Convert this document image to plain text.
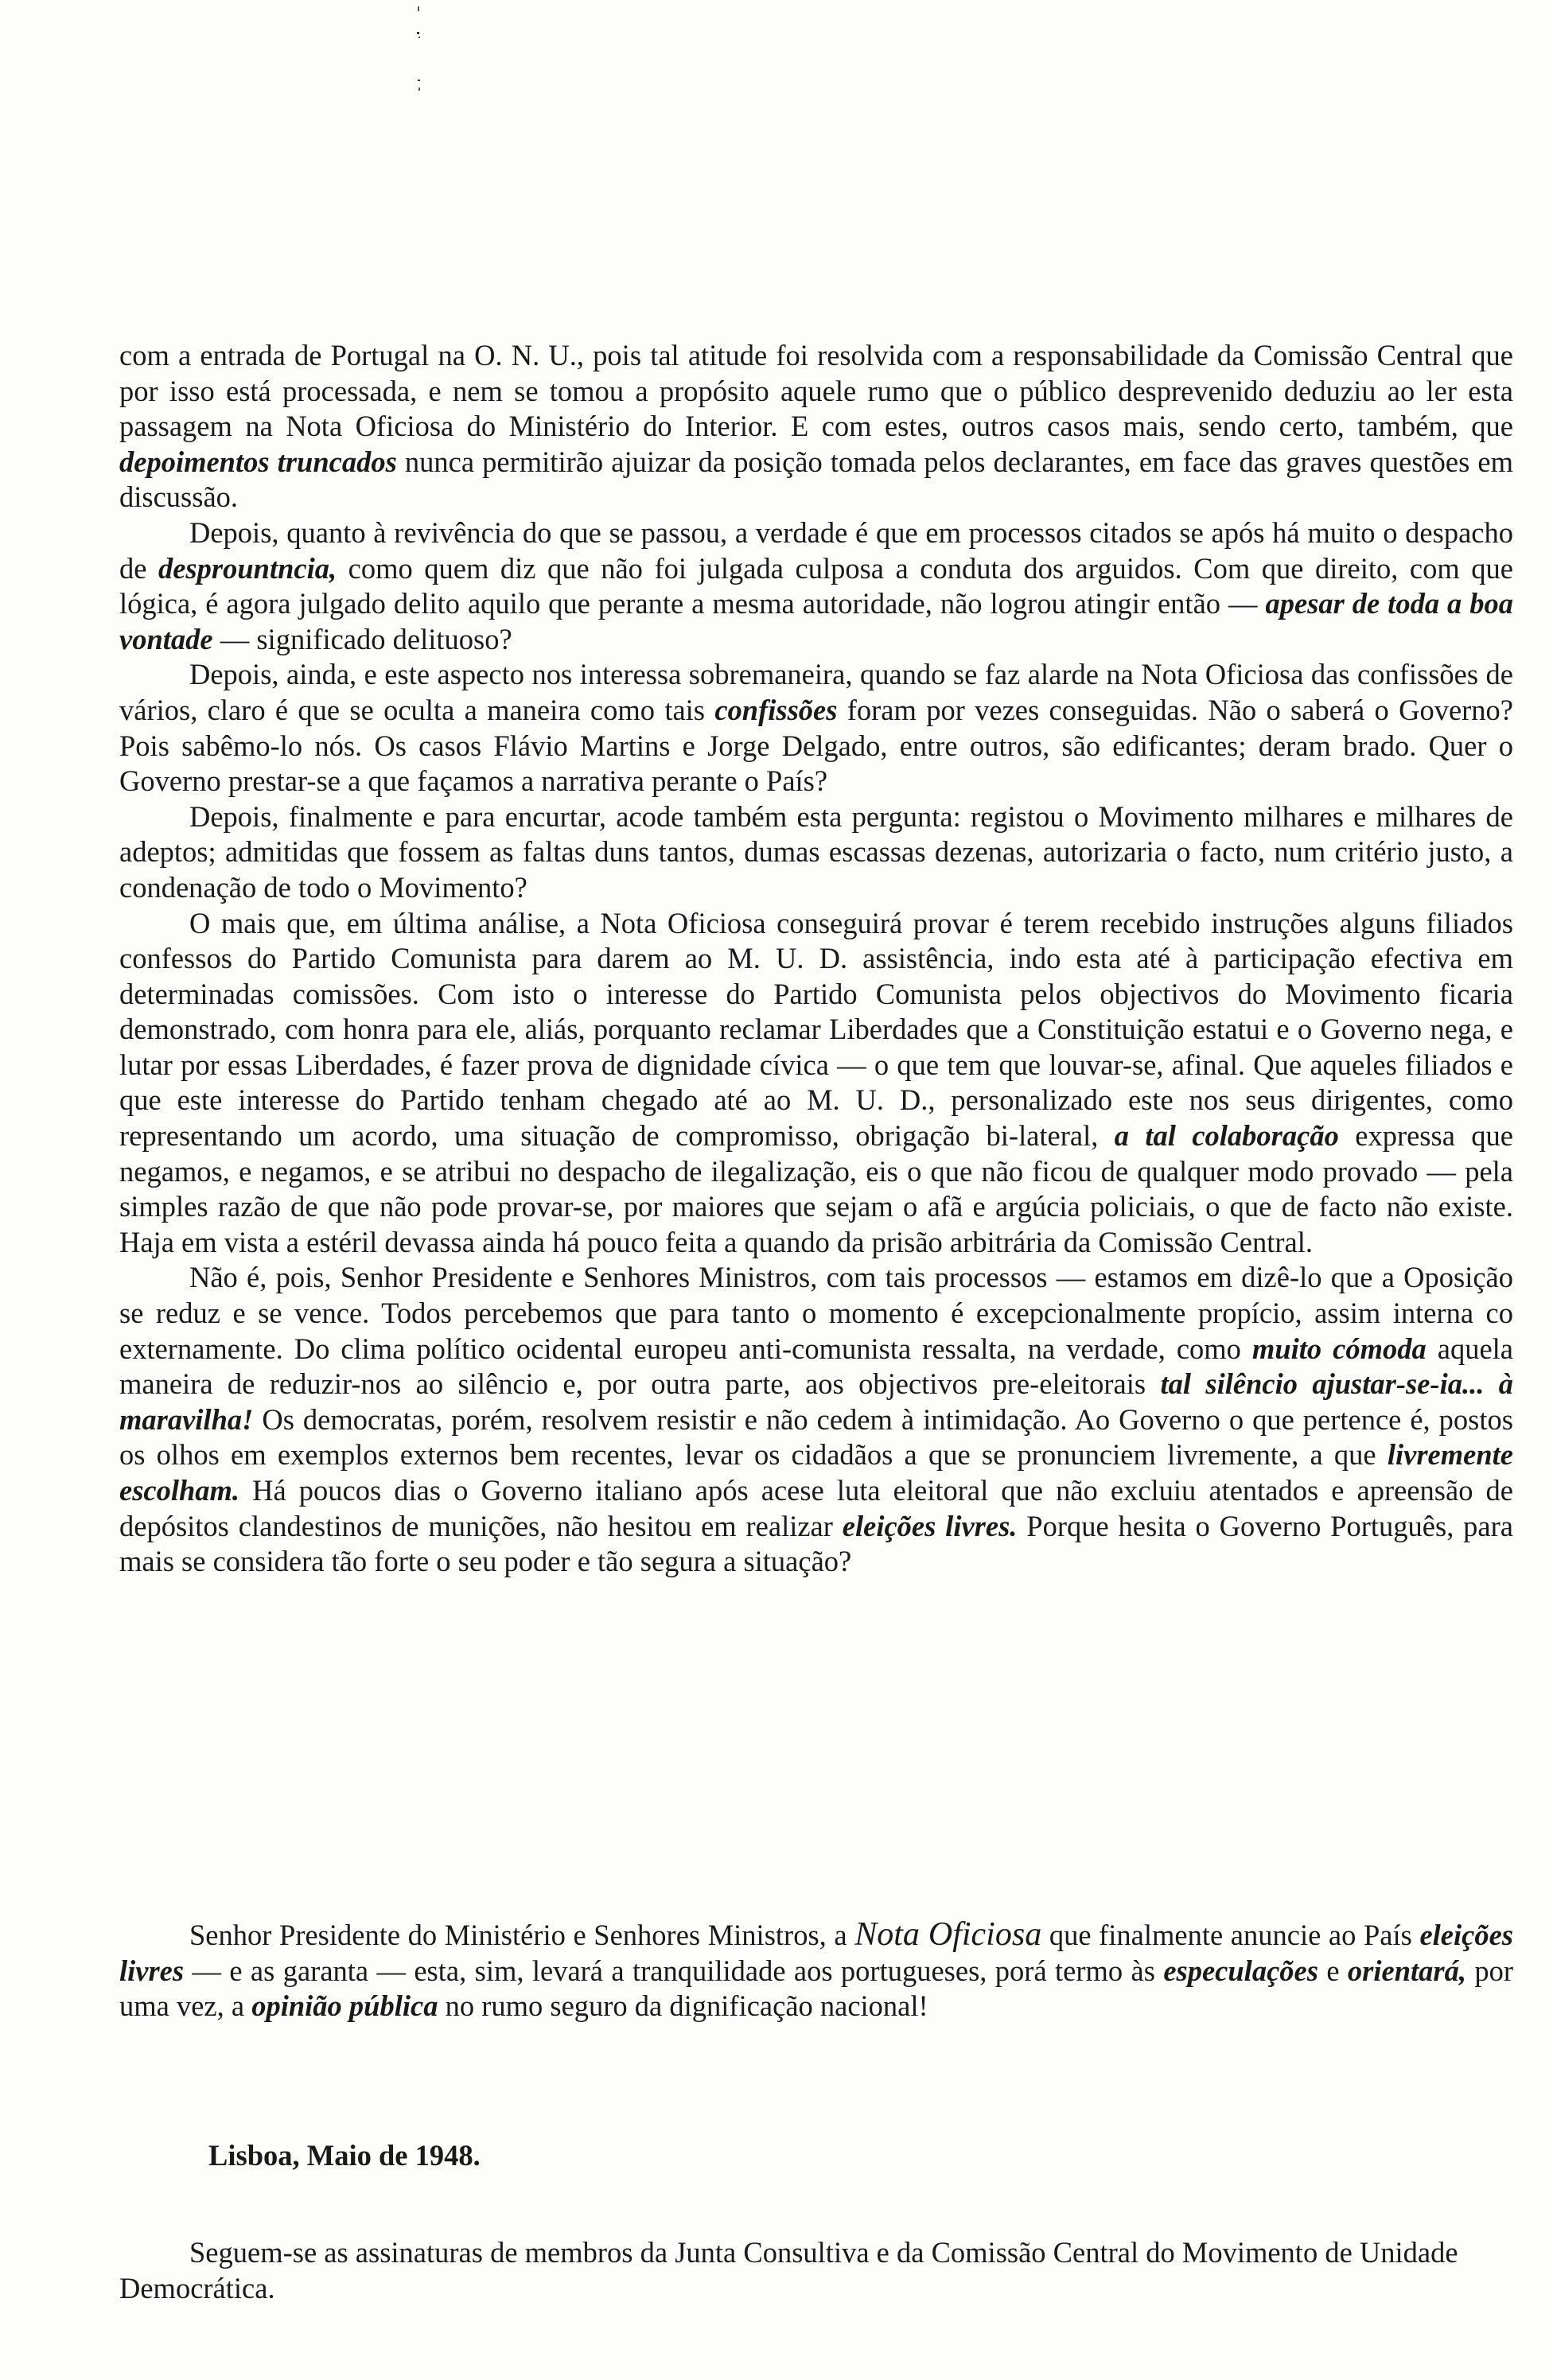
com a entrada de Portugal na O. N. U., pois tal atitude foi resolvida com a responsabilidade da Comissão Central que por isso está processada, e nem se tomou a propósito aquele rumo que o público desprevenido deduziu ao ler esta passagem na Nota Oficiosa do Ministério do Interior. E com estes, outros casos mais, sendo certo, também, que depoimentos truncados nunca permitirão ajuizar da posição tomada pelos declarantes, em face das graves questões em discussão.

Depois, quanto à revivência do que se passou, a verdade é que em processos citados se após há muito o despacho de desprountncia, como quem diz que não foi julgada culposa a conduta dos arguidos. Com que direito, com que lógica, é agora julgado delito aquilo que perante a mesma autoridade, não logrou atingir então — apesar de toda a boa vontade — significado delituoso?

Depois, ainda, e este aspecto nos interessa sobremaneira, quando se faz alarde na Nota Oficiosa das confissões de vários, claro é que se oculta a maneira como tais confissões foram por vezes conseguidas. Não o saberá o Governo? Pois sabêmo-lo nós. Os casos Flávio Martins e Jorge Delgado, entre outros, são edificantes; deram brado. Quer o Governo prestar-se a que façamos a narrativa perante o País?

Depois, finalmente e para encurtar, acode também esta pergunta: registou o Movimento milhares e milhares de adeptos; admitidas que fossem as faltas duns tantos, dumas escassas dezenas, autorizaria o facto, num critério justo, a condenação de todo o Movimento?

O mais que, em última análise, a Nota Oficiosa conseguirá provar é terem recebido instruções alguns filiados confessos do Partido Comunista para darem ao M. U. D. assistência, indo esta até à participação efectiva em determinadas comissões. Com isto o interesse do Partido Comunista pelos objectivos do Movimento ficaria demonstrado, com honra para ele, aliás, porquanto reclamar Liberdades que a Constituição estatui e o Governo nega, e lutar por essas Liberdades, é fazer prova de dignidade cívica — o que tem que louvar-se, afinal. Que aqueles filiados e que este interesse do Partido tenham chegado até ao M. U. D., personalizado este nos seus dirigentes, como representando um acordo, uma situação de compromisso, obrigação bi-lateral, a tal colaboração expressa que negamos, e negamos, e se atribui no despacho de ilegalização, eis o que não ficou de qualquer modo provado — pela simples razão de que não pode provar-se, por maiores que sejam o afã e argúcia policiais, o que de facto não existe. Haja em vista a estéril devassa ainda há pouco feita a quando da prisão arbitrária da Comissão Central.

Não é, pois, Senhor Presidente e Senhores Ministros, com tais processos — estamos em dizê-lo que a Oposição se reduz e se vence. Todos percebemos que para tanto o momento é excepcionalmente propício, assim interna co externamente. Do clima político ocidental europeu anti-comunista ressalta, na verdade, como muito cómoda aquela maneira de reduzir-nos ao silêncio e, por outra parte, aos objectivos pre-eleitorais tal silêncio ajustar-se-ia... à maravilha! Os democratas, porém, resolvem resistir e não cedem à intimidação. Ao Governo o que pertence é, postos os olhos em exemplos externos bem recentes, levar os cidadãos a que se pronunciem livremente, a que livremente escolham. Há poucos dias o Governo italiano após acese luta eleitoral que não excluiu atentados e apreensão de depósitos clandestinos de munições, não hesitou em realizar eleições livres. Porque hesita o Governo Português, para mais se considera tão forte o seu poder e tão segura a situação?

Senhor Presidente do Ministério e Senhores Ministros, a Nota Oficiosa que finalmente anuncie ao País eleições livres — e as garanta — esta, sim, levará a tranquilidade aos portugueses, porá termo às especulações e orientará, por uma vez, a opinião pública no rumo seguro da dignificação nacional!

Lisboa, Maio de 1948.

Seguem-se as assinaturas de membros da Junta Consultiva e da Comissão Central do Movimento de Unidade Democrática.
